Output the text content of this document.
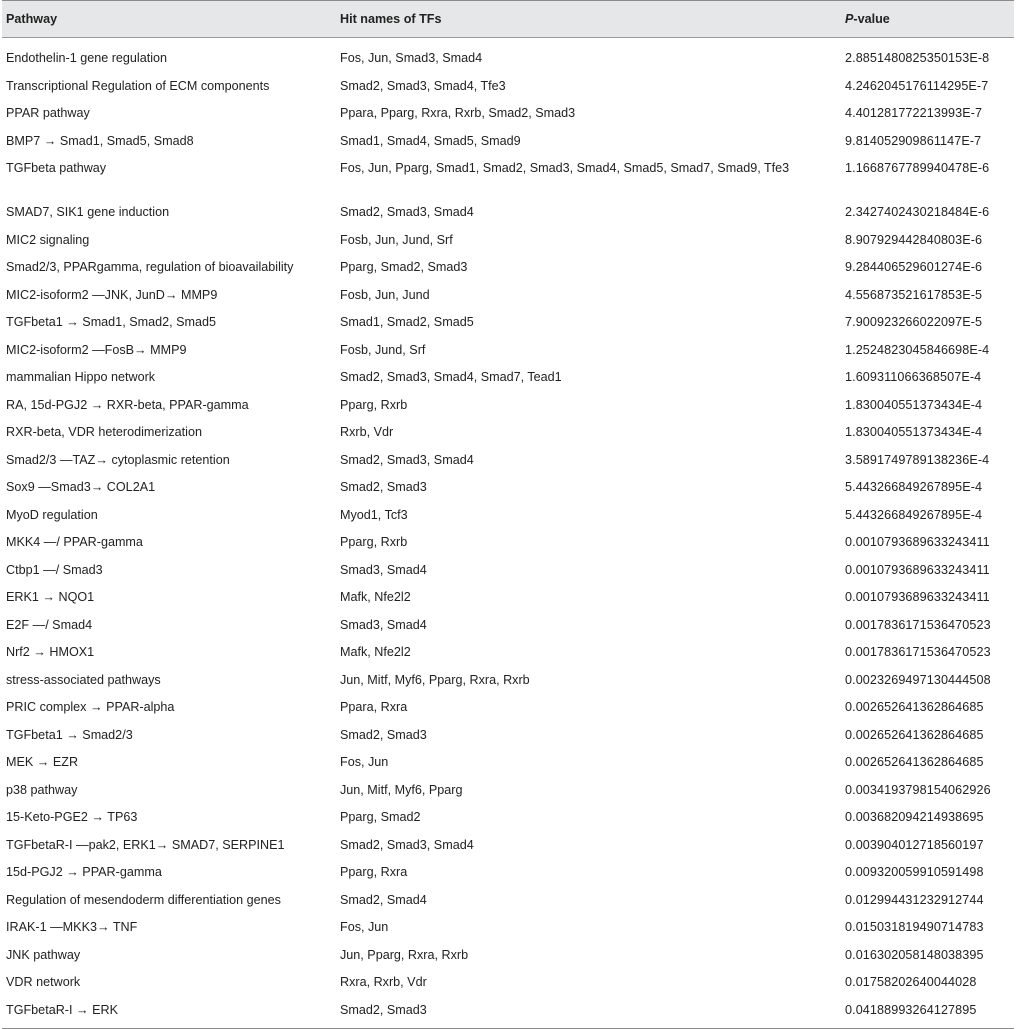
Pathway	Hit names of TFs	P-value
Endothelin-1 gene regulation	Fos, Jun, Smad3, Smad4	2.8851480825350153E-8
Transcriptional Regulation of ECM components	Smad2, Smad3, Smad4, Tfe3	4.2462045176114295E-7
PPAR pathway	Ppara, Pparg, Rxra, Rxrb, Smad2, Smad3	4.401281772213993E-7
BMP7 → Smad1, Smad5, Smad8	Smad1, Smad4, Smad5, Smad9	9.814052909861147E-7
TGFbeta pathway	Fos, Jun, Pparg, Smad1, Smad2, Smad3, Smad4, Smad5, Smad7, Smad9, Tfe3	1.1668767789940478E-6
SMAD7, SIK1 gene induction	Smad2, Smad3, Smad4	2.3427402430218484E-6
MIC2 signaling	Fosb, Jun, Jund, Srf	8.907929442840803E-6
Smad2/3, PPARgamma, regulation of bioavailability	Pparg, Smad2, Smad3	9.284406529601274E-6
MIC2-isoform2 —JNK, JunD→ MMP9	Fosb, Jun, Jund	4.556873521617853E-5
TGFbeta1 → Smad1, Smad2, Smad5	Smad1, Smad2, Smad5	7.900923266022097E-5
MIC2-isoform2 —FosB→ MMP9	Fosb, Jund, Srf	1.2524823045846698E-4
mammalian Hippo network	Smad2, Smad3, Smad4, Smad7, Tead1	1.609311066368507E-4
RA, 15d-PGJ2 → RXR-beta, PPAR-gamma	Pparg, Rxrb	1.830040551373434E-4
RXR-beta, VDR heterodimerization	Rxrb, Vdr	1.830040551373434E-4
Smad2/3 —TAZ→ cytoplasmic retention	Smad2, Smad3, Smad4	3.5891749789138236E-4
Sox9 —Smad3→ COL2A1	Smad2, Smad3	5.443266849267895E-4
MyoD regulation	Myod1, Tcf3	5.443266849267895E-4
MKK4 —/ PPAR-gamma	Pparg, Rxrb	0.0010793689633243411
Ctbp1 —/ Smad3	Smad3, Smad4	0.0010793689633243411
ERK1 → NQO1	Mafk, Nfe2l2	0.0010793689633243411
E2F —/ Smad4	Smad3, Smad4	0.0017836171536470523
Nrf2 → HMOX1	Mafk, Nfe2l2	0.0017836171536470523
stress-associated pathways	Jun, Mitf, Myf6, Pparg, Rxra, Rxrb	0.0023269497130444508
PRIC complex → PPAR-alpha	Ppara, Rxra	0.002652641362864685
TGFbeta1 → Smad2/3	Smad2, Smad3	0.002652641362864685
MEK → EZR	Fos, Jun	0.002652641362864685
p38 pathway	Jun, Mitf, Myf6, Pparg	0.0034193798154062926
15-Keto-PGE2 → TP63	Pparg, Smad2	0.003682094214938695
TGFbetaR-I —pak2, ERK1→ SMAD7, SERPINE1	Smad2, Smad3, Smad4	0.003904012718560197
15d-PGJ2 → PPAR-gamma	Pparg, Rxra	0.009320059910591498
Regulation of mesendoderm differentiation genes	Smad2, Smad4	0.012994431232912744
IRAK-1 —MKK3→ TNF	Fos, Jun	0.015031819490714783
JNK pathway	Jun, Pparg, Rxra, Rxrb	0.016302058148038395
VDR network	Rxra, Rxrb, Vdr	0.01758202640044028
TGFbetaR-I → ERK	Smad2, Smad3	0.04188993264127895
